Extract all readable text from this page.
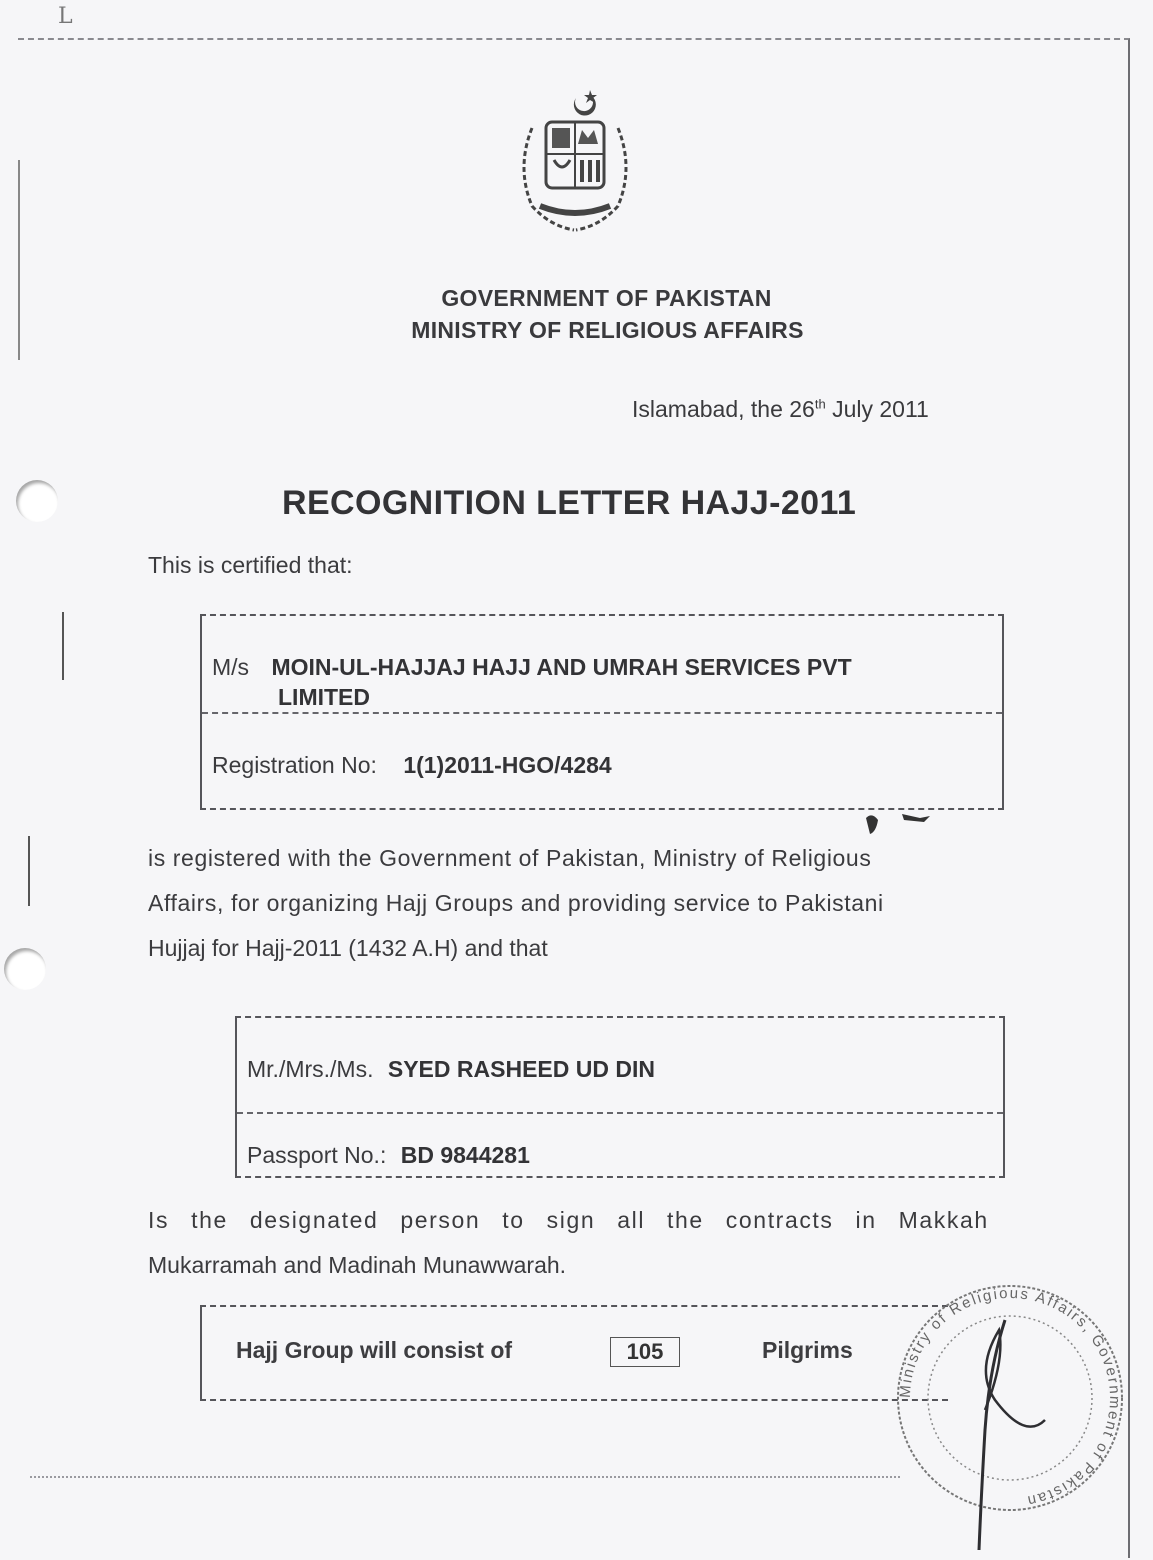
L
GOVERNMENT OF PAKISTAN
MINISTRY OF RELIGIOUS AFFAIRS
Islamabad, the 26th July 2011
RECOGNITION LETTER HAJJ-2011
This is certified that:
M/s MOIN-UL-HAJJAJ HAJJ AND UMRAH SERVICES PVT
LIMITED
Registration No: 1(1)2011-HGO/4284
is registered with the Government of Pakistan, Ministry of Religious
Affairs, for organizing Hajj Groups and providing service to Pakistani
Hujjaj for Hajj-2011 (1432 A.H) and that
Mr./Mrs./Ms. SYED RASHEED UD DIN
Passport No.: BD 9844281
Is the designated person to sign all the contracts in Makkah
Mukarramah and Madinah Munawwarah.
Hajj Group will consist of	105	Pilgrims
Ministry of Religious Affairs, Government of Pakistan
